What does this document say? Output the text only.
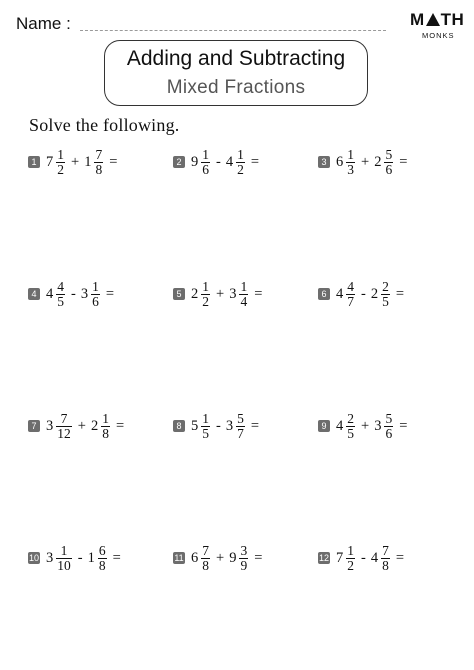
Name :	M TH
MONKS
Adding and Subtracting
Mixed Fractions
Solve the following.
1 $7 \frac{1}{2} + 1 \frac{7}{8}$ =	2 $9 \frac{1}{6} - 4 \frac{1}{2}$ =	3 $6 \frac{1}{3} + 2 \frac{5}{6}$ =
4 $4 \frac{4}{5} - 3 \frac{1}{6}$ =	5 $2 \frac{1}{2} + 3 \frac{1}{4}$ =	6 $4 \frac{4}{7} - 2 \frac{2}{5}$ =
7 $3 \frac{7}{12} + 2 \frac{1}{8}$ =	8 $5 \frac{1}{5} - 3 \frac{5}{7}$ =	9 $4 \frac{2}{5} + 3 \frac{5}{6}$ =
10 $3 \frac{1}{10} - 1 \frac{6}{8}$ =	11 $6 \frac{7}{8} + 9 \frac{3}{9}$ =	12 $7 \frac{1}{2} - 4 \frac{7}{8}$ =
